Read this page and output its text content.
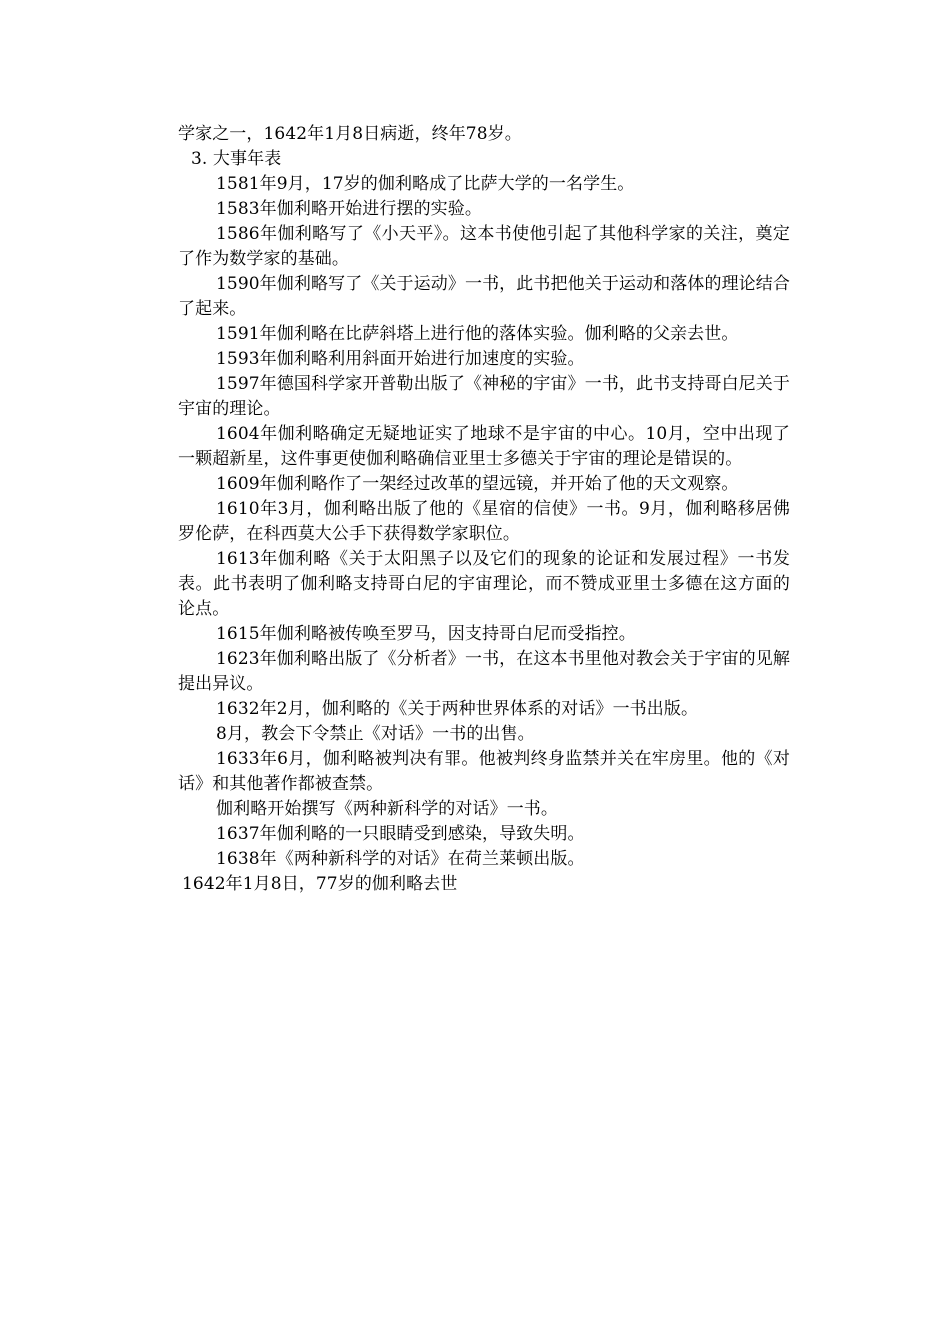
学家之一，1642年1月8日病逝，终年78岁。

3. 大事年表

1581年9月，17岁的伽利略成了比萨大学的一名学生。

1583年伽利略开始进行摆的实验。

1586年伽利略写了《小天平》。这本书使他引起了其他科学家的关注，奠定了作为数学家的基础。

1590年伽利略写了《关于运动》一书，此书把他关于运动和落体的理论结合了起来。

1591年伽利略在比萨斜塔上进行他的落体实验。伽利略的父亲去世。

1593年伽利略利用斜面开始进行加速度的实验。

1597年德国科学家开普勒出版了《神秘的宇宙》一书，此书支持哥白尼关于宇宙的理论。

1604年伽利略确定无疑地证实了地球不是宇宙的中心。10月，空中出现了一颗超新星，这件事更使伽利略确信亚里士多德关于宇宙的理论是错误的。

1609年伽利略作了一架经过改革的望远镜，并开始了他的天文观察。

1610年3月，伽利略出版了他的《星宿的信使》一书。9月，伽利略移居佛罗伦萨，在科西莫大公手下获得数学家职位。

1613年伽利略《关于太阳黑子以及它们的现象的论证和发展过程》一书发表。此书表明了伽利略支持哥白尼的宇宙理论，而不赞成亚里士多德在这方面的论点。

1615年伽利略被传唤至罗马，因支持哥白尼而受指控。

1623年伽利略出版了《分析者》一书，在这本书里他对教会关于宇宙的见解提出异议。

1632年2月，伽利略的《关于两种世界体系的对话》一书出版。

8月，教会下令禁止《对话》一书的出售。

1633年6月，伽利略被判决有罪。他被判终身监禁并关在牢房里。他的《对话》和其他著作都被查禁。

伽利略开始撰写《两种新科学的对话》一书。

1637年伽利略的一只眼睛受到感染，导致失明。

1638年《两种新科学的对话》在荷兰莱顿出版。

1642年1月8日，77岁的伽利略去世
